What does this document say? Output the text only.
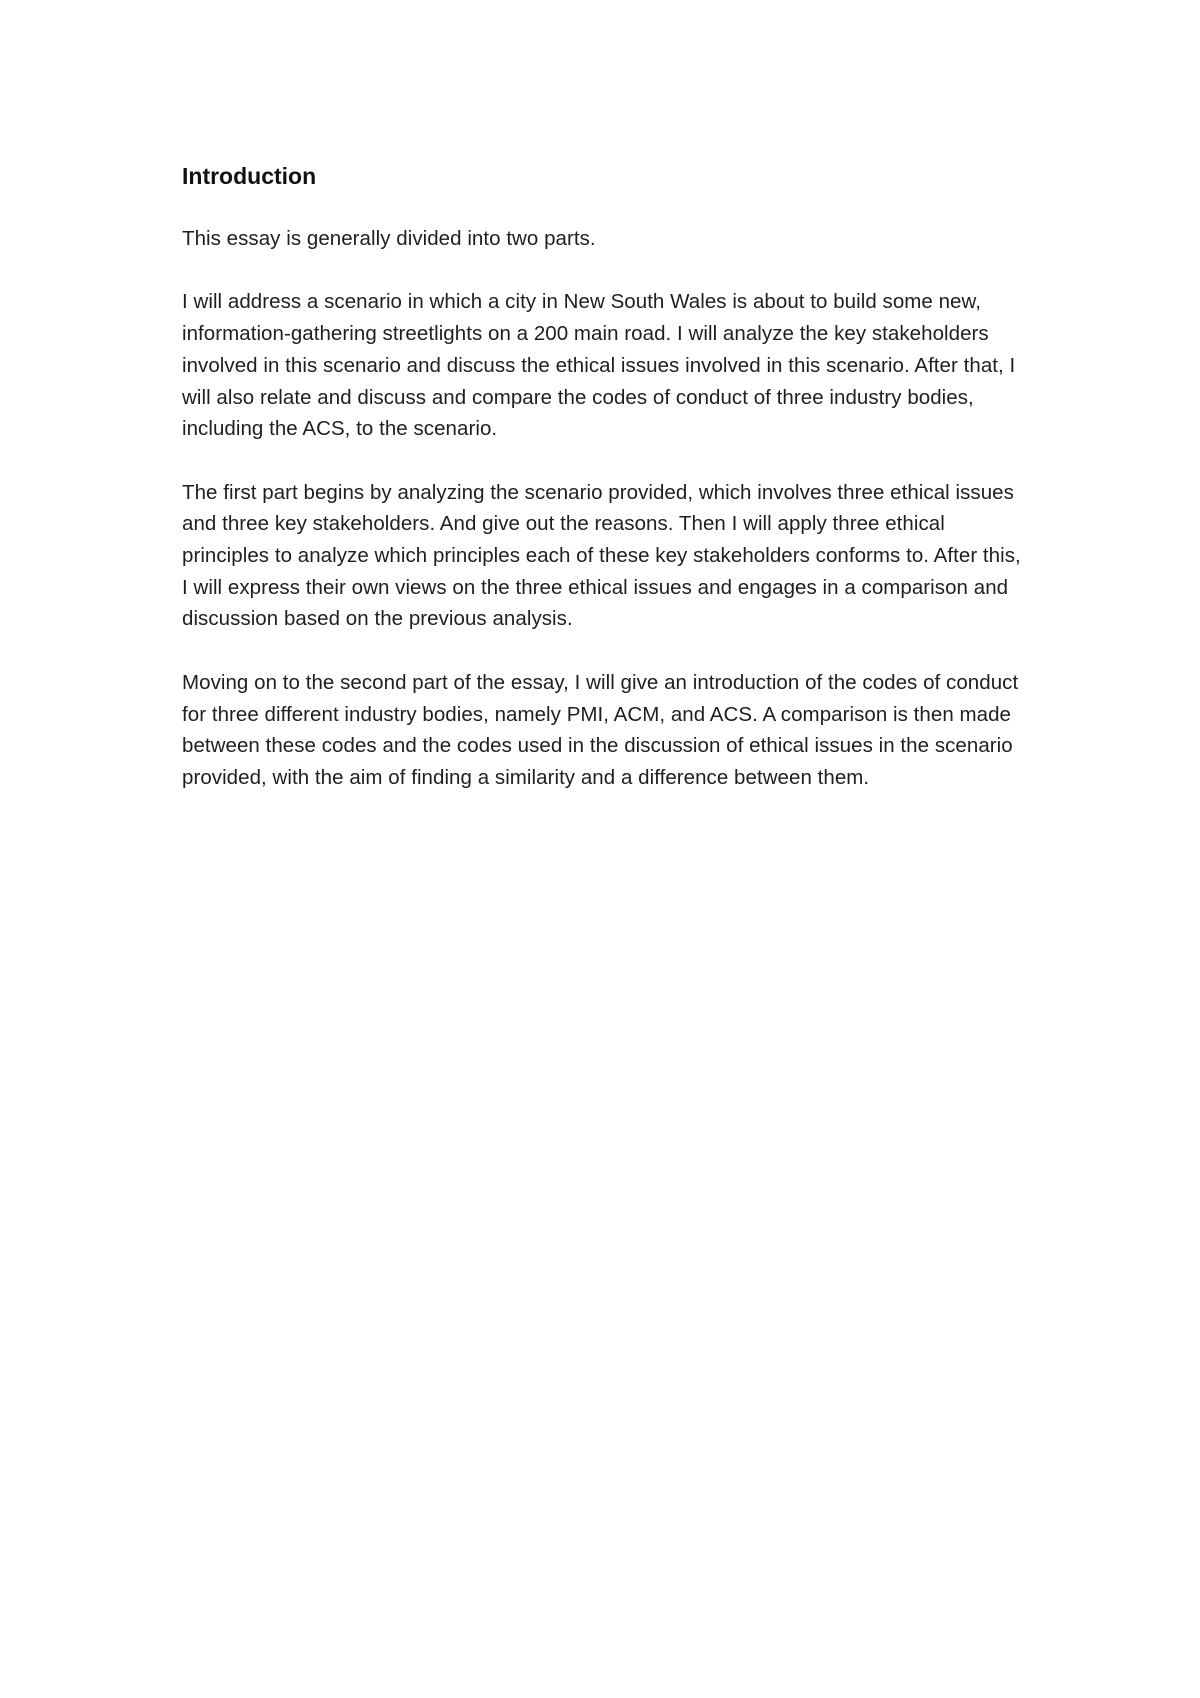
Introduction

This essay is generally divided into two parts.

I will address a scenario in which a city in New South Wales is about to build some new, information-gathering streetlights on a 200 main road. I will analyze the key stakeholders involved in this scenario and discuss the ethical issues involved in this scenario. After that, I will also relate and discuss and compare the codes of conduct of three industry bodies, including the ACS, to the scenario.

The first part begins by analyzing the scenario provided, which involves three ethical issues and three key stakeholders. And give out the reasons. Then I will apply three ethical principles to analyze which principles each of these key stakeholders conforms to. After this, I will express their own views on the three ethical issues and engages in a comparison and discussion based on the previous analysis.

Moving on to the second part of the essay, I will give an introduction of the codes of conduct for three different industry bodies, namely PMI, ACM, and ACS. A comparison is then made between these codes and the codes used in the discussion of ethical issues in the scenario provided, with the aim of finding a similarity and a difference between them.
